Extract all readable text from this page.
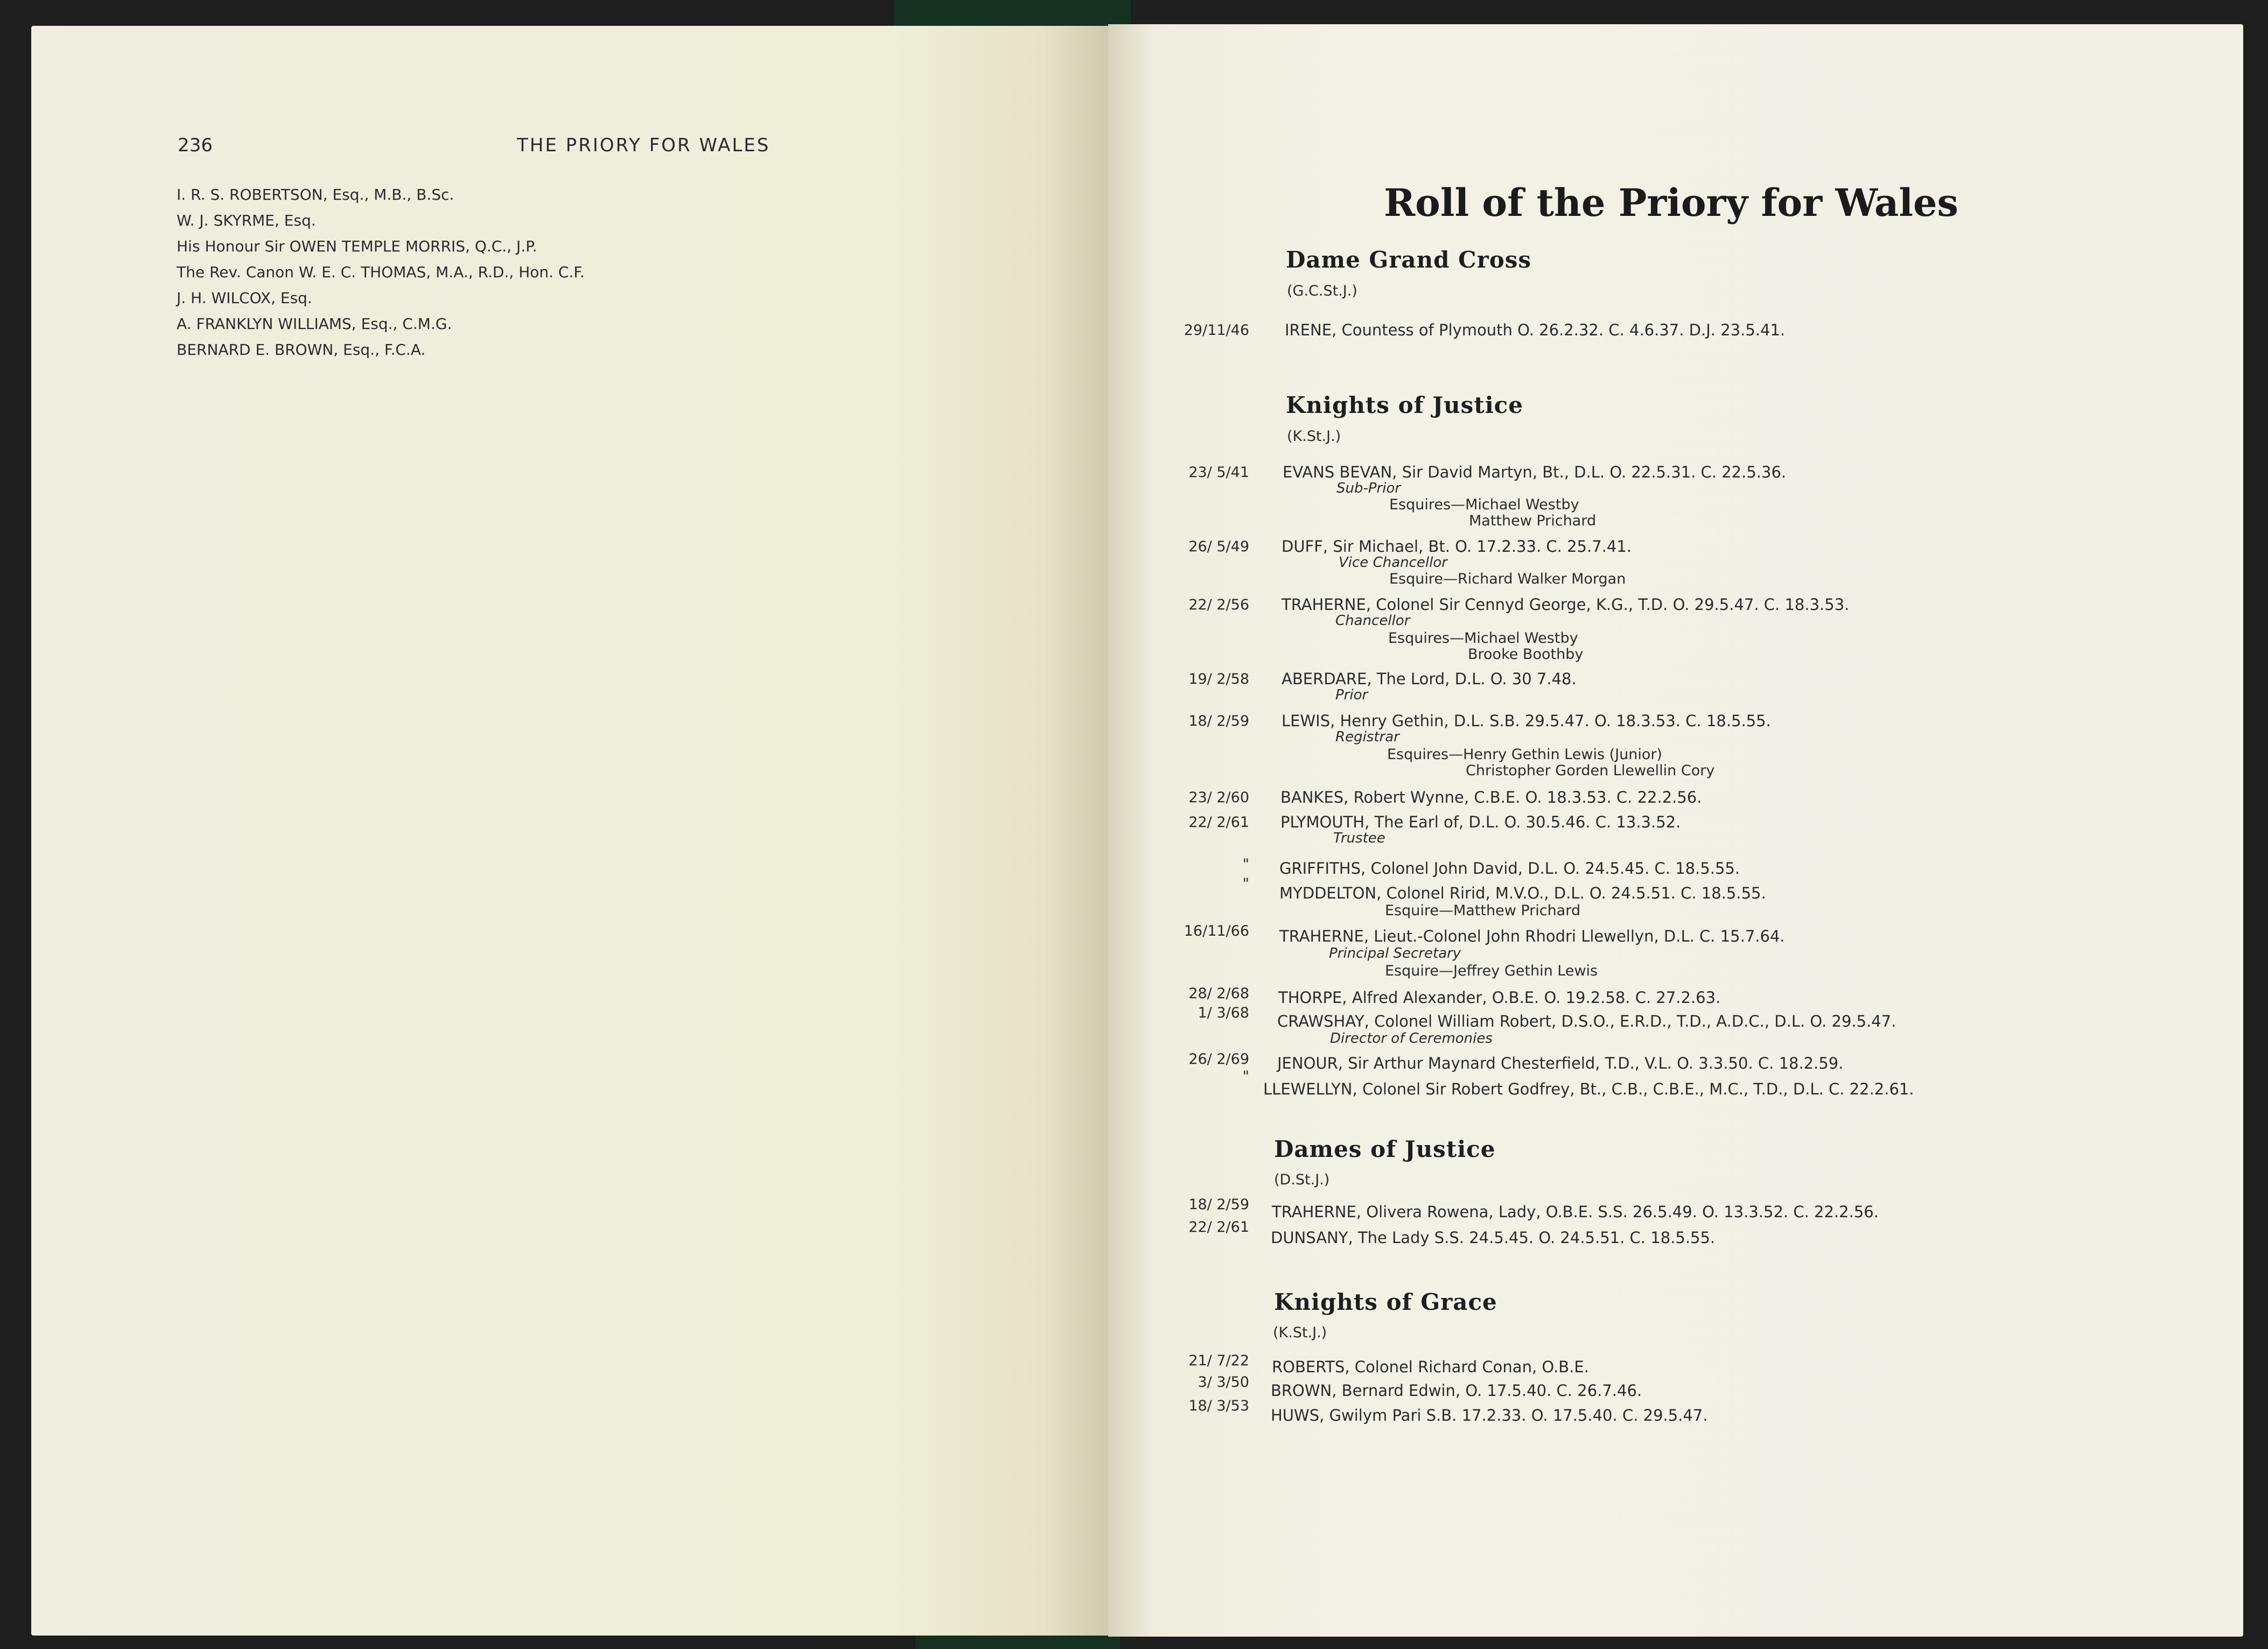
236	THE PRIORY FOR WALES
I. R. S. ROBERTSON, Esq., M.B., B.Sc.
W. J. SKYRME, Esq.
His Honour Sir OWEN TEMPLE MORRIS, Q.C., J.P.
The Rev. Canon W. E. C. THOMAS, M.A., R.D., Hon. C.F.
J. H. WILCOX, Esq.
A. FRANKLYN WILLIAMS, Esq., C.M.G.
BERNARD E. BROWN, Esq., F.C.A.
Roll of the Priory for Wales
Dame Grand Cross
(G.C.St.J.)
29/11/46 IRENE, Countess of Plymouth O. 26.2.32. C. 4.6.37. D.J. 23.5.41.
Knights of Justice
(K.St.J.)
23/ 5/41 EVANS BEVAN, Sir David Martyn, Bt., D.L. O. 22.5.31. C. 22.5.36.
Sub-Prior
Esquires—Michael Westby
Matthew Prichard
26/ 5/49 DUFF, Sir Michael, Bt. O. 17.2.33. C. 25.7.41.
Vice Chancellor
Esquire—Richard Walker Morgan
22/ 2/56 TRAHERNE, Colonel Sir Cennyd George, K.G., T.D. O. 29.5.47. C. 18.3.53.
Chancellor
Esquires—Michael Westby
Brooke Boothby
19/ 2/58 ABERDARE, The Lord, D.L. O. 30 7.48.
Prior
18/ 2/59 LEWIS, Henry Gethin, D.L. S.B. 29.5.47. O. 18.3.53. C. 18.5.55.
Registrar
Esquires—Henry Gethin Lewis (Junior)
Christopher Gorden Llewellin Cory
23/ 2/60 BANKES, Robert Wynne, C.B.E. O. 18.3.53. C. 22.2.56.
22/ 2/61 PLYMOUTH, The Earl of, D.L. O. 30.5.46. C. 13.3.52.
Trustee
" GRIFFITHS, Colonel John David, D.L. O. 24.5.45. C. 18.5.55.
"
MYDDELTON, Colonel Ririd, M.V.O., D.L. O. 24.5.51. C. 18.5.55.
Esquire—Matthew Prichard
16/11/66 TRAHERNE, Lieut.-Colonel John Rhodri Llewellyn, D.L. C. 15.7.64.
Principal Secretary
Esquire—Jeffrey Gethin Lewis
28/ 2/68 THORPE, Alfred Alexander, O.B.E. O. 19.2.58. C. 27.2.63.
1/ 3/68 CRAWSHAY, Colonel William Robert, D.S.O., E.R.D., T.D., A.D.C., D.L. O. 29.5.47.
Director of Ceremonies
26/ 2/69 JENOUR, Sir Arthur Maynard Chesterfield, T.D., V.L. O. 3.3.50. C. 18.2.59.
"
LLEWELLYN, Colonel Sir Robert Godfrey, Bt., C.B., C.B.E., M.C., T.D., D.L. C. 22.2.61.
Dames of Justice
(D.St.J.)
18/ 2/59 TRAHERNE, Olivera Rowena, Lady, O.B.E. S.S. 26.5.49. O. 13.3.52. C. 22.2.56.
22/ 2/61
DUNSANY, The Lady S.S. 24.5.45. O. 24.5.51. C. 18.5.55.
Knights of Grace
(K.St.J.)
21/ 7/22 ROBERTS, Colonel Richard Conan, O.B.E.
3/ 3/50 BROWN, Bernard Edwin, O. 17.5.40. C. 26.7.46.
18/ 3/53
HUWS, Gwilym Pari S.B. 17.2.33. O. 17.5.40. C. 29.5.47.
